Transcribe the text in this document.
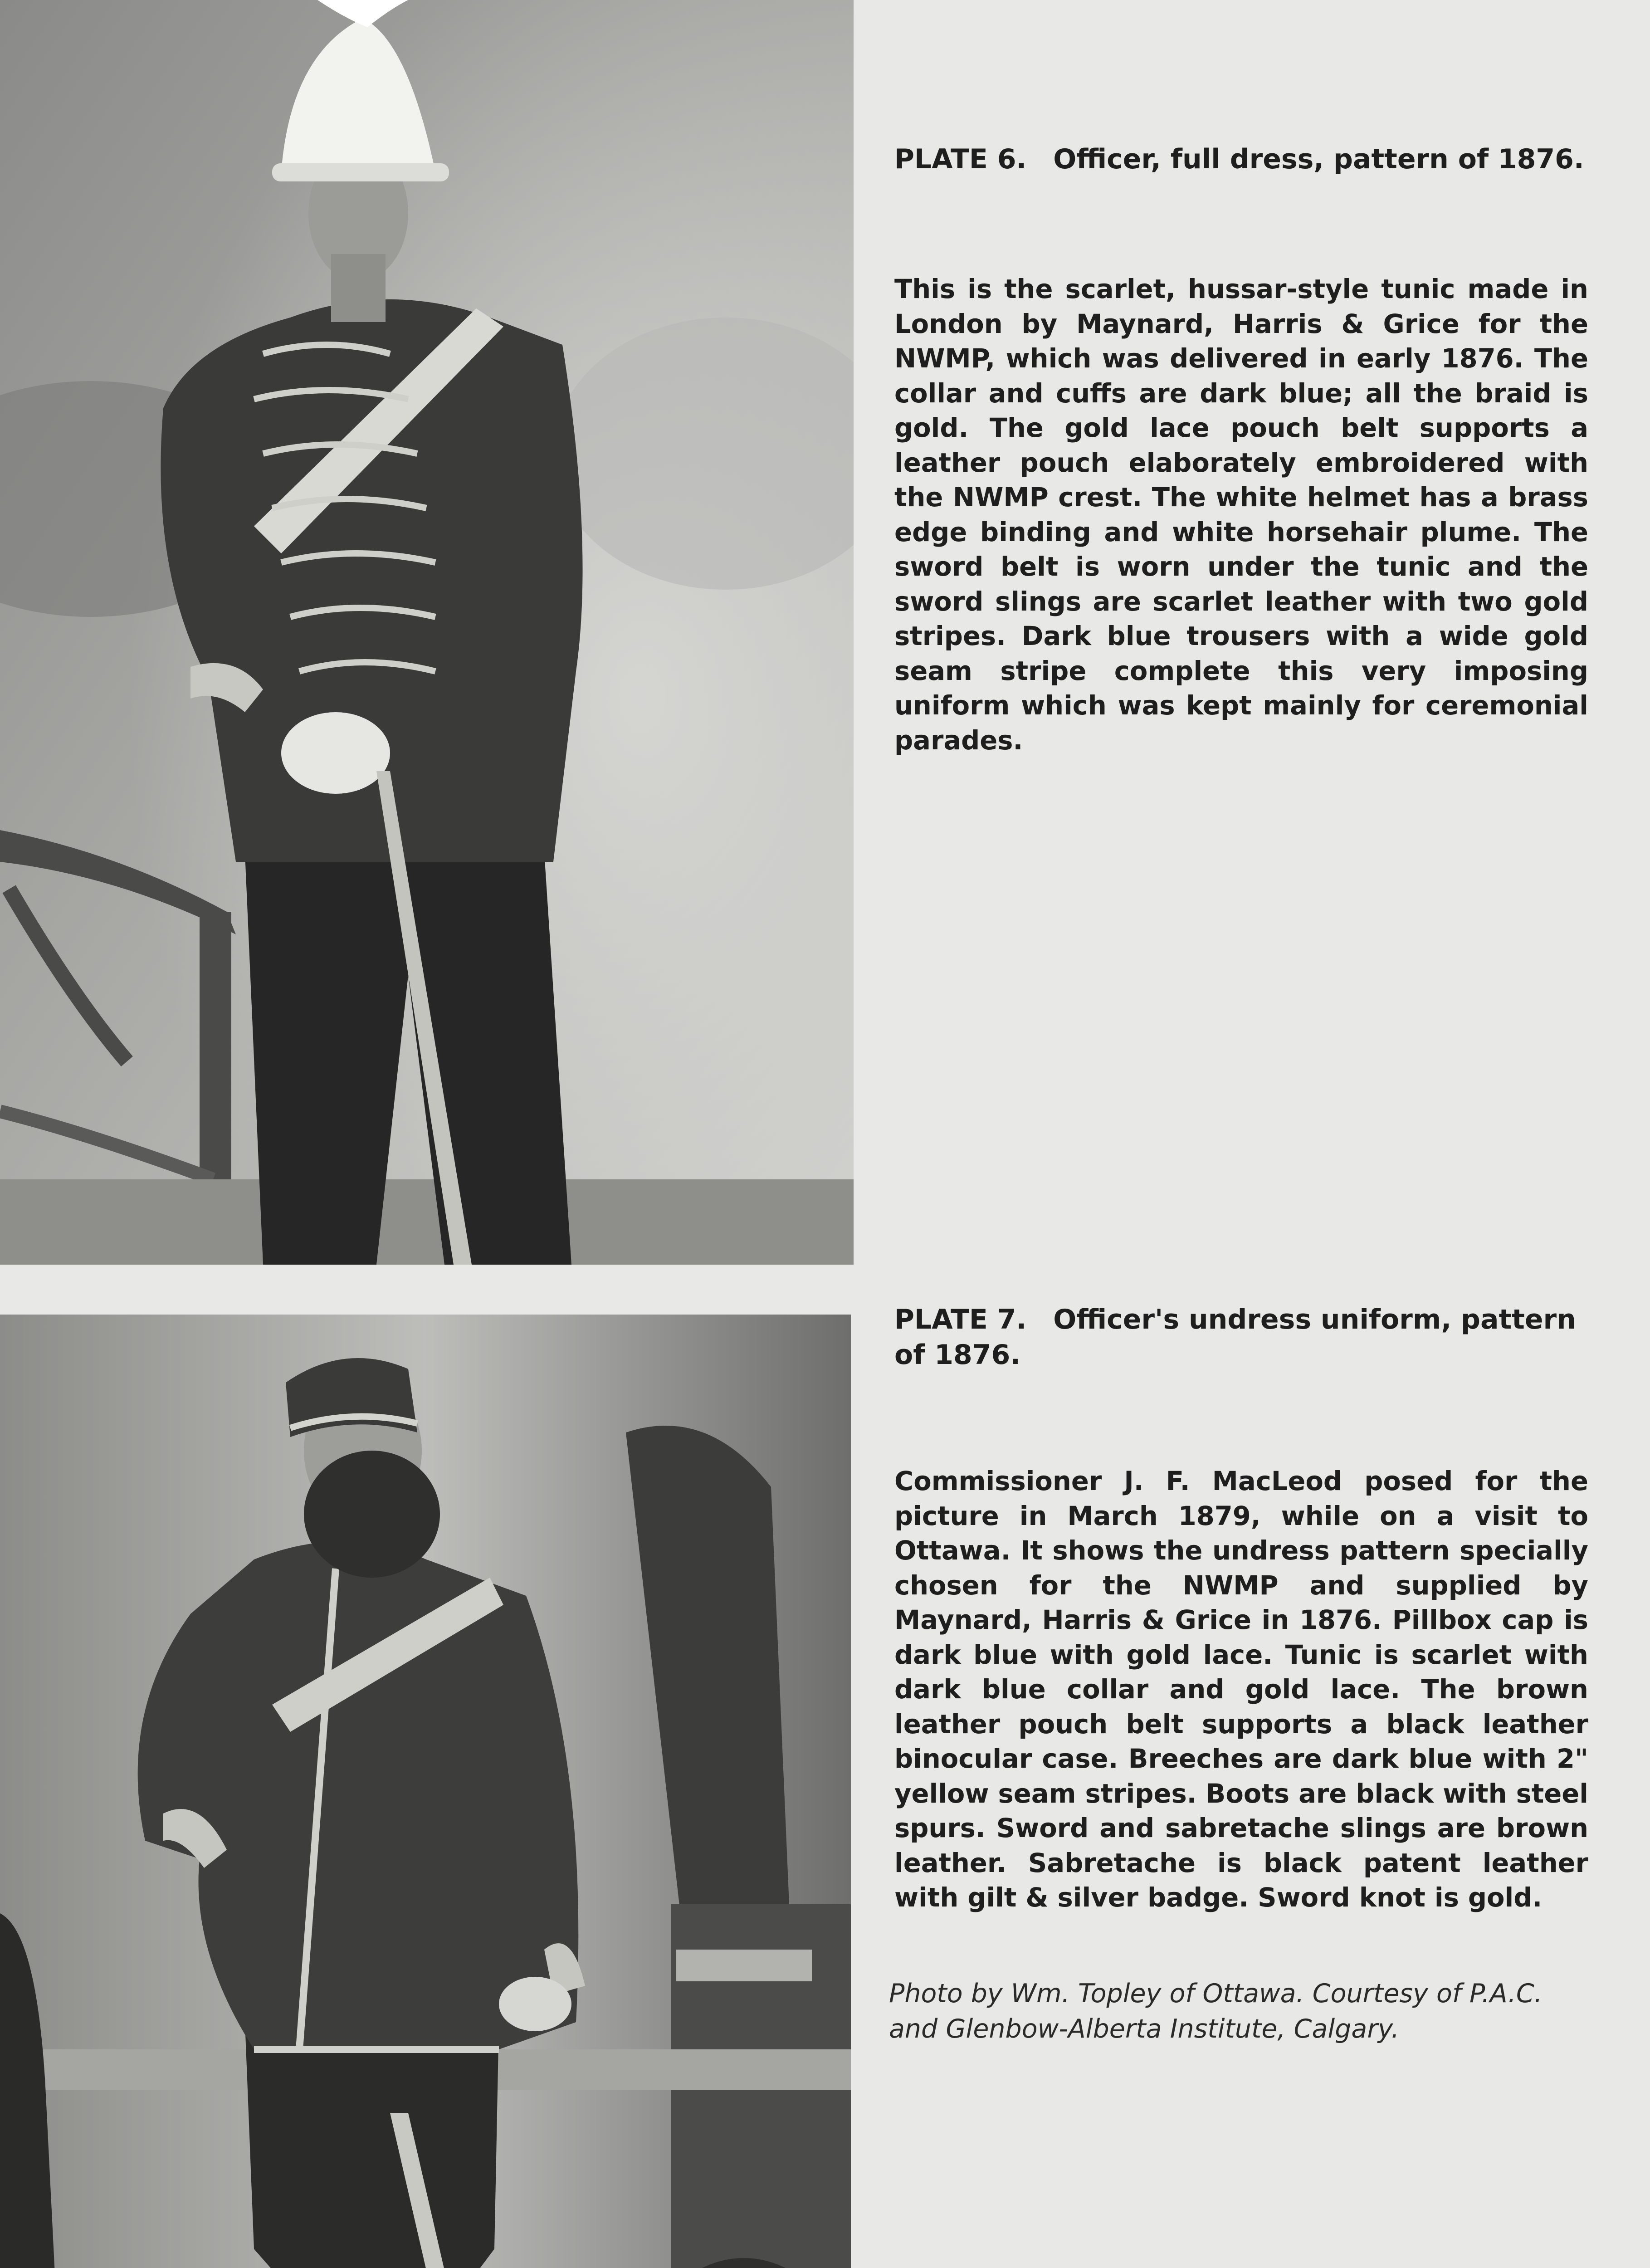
PLATE 6. Officer, full dress, pattern of 1876.

This is the scarlet, hussar-style tunic made in London by Maynard, Harris & Grice for the NWMP, which was delivered in early 1876. The collar and cuffs are dark blue; all the braid is gold. The gold lace pouch belt supports a leather pouch elaborately embroidered with the NWMP crest. The white helmet has a brass edge binding and white horsehair plume. The sword belt is worn under the tunic and the sword slings are scarlet leather with two gold stripes. Dark blue trousers with a wide gold seam stripe complete this very imposing uniform which was kept mainly for ceremonial parades.

PLATE 7. Officer's undress uniform, pattern of 1876.

Commissioner J. F. MacLeod posed for the picture in March 1879, while on a visit to Ottawa. It shows the undress pattern specially chosen for the NWMP and supplied by Maynard, Harris & Grice in 1876. Pillbox cap is dark blue with gold lace. Tunic is scarlet with dark blue collar and gold lace. The brown leather pouch belt supports a black leather binocular case. Breeches are dark blue with 2" yellow seam stripes. Boots are black with steel spurs. Sword and sabretache slings are brown leather. Sabretache is black patent leather with gilt & silver badge. Sword knot is gold.

Photo by Wm. Topley of Ottawa. Courtesy of P.A.C. and Glenbow-Alberta Institute, Calgary.
